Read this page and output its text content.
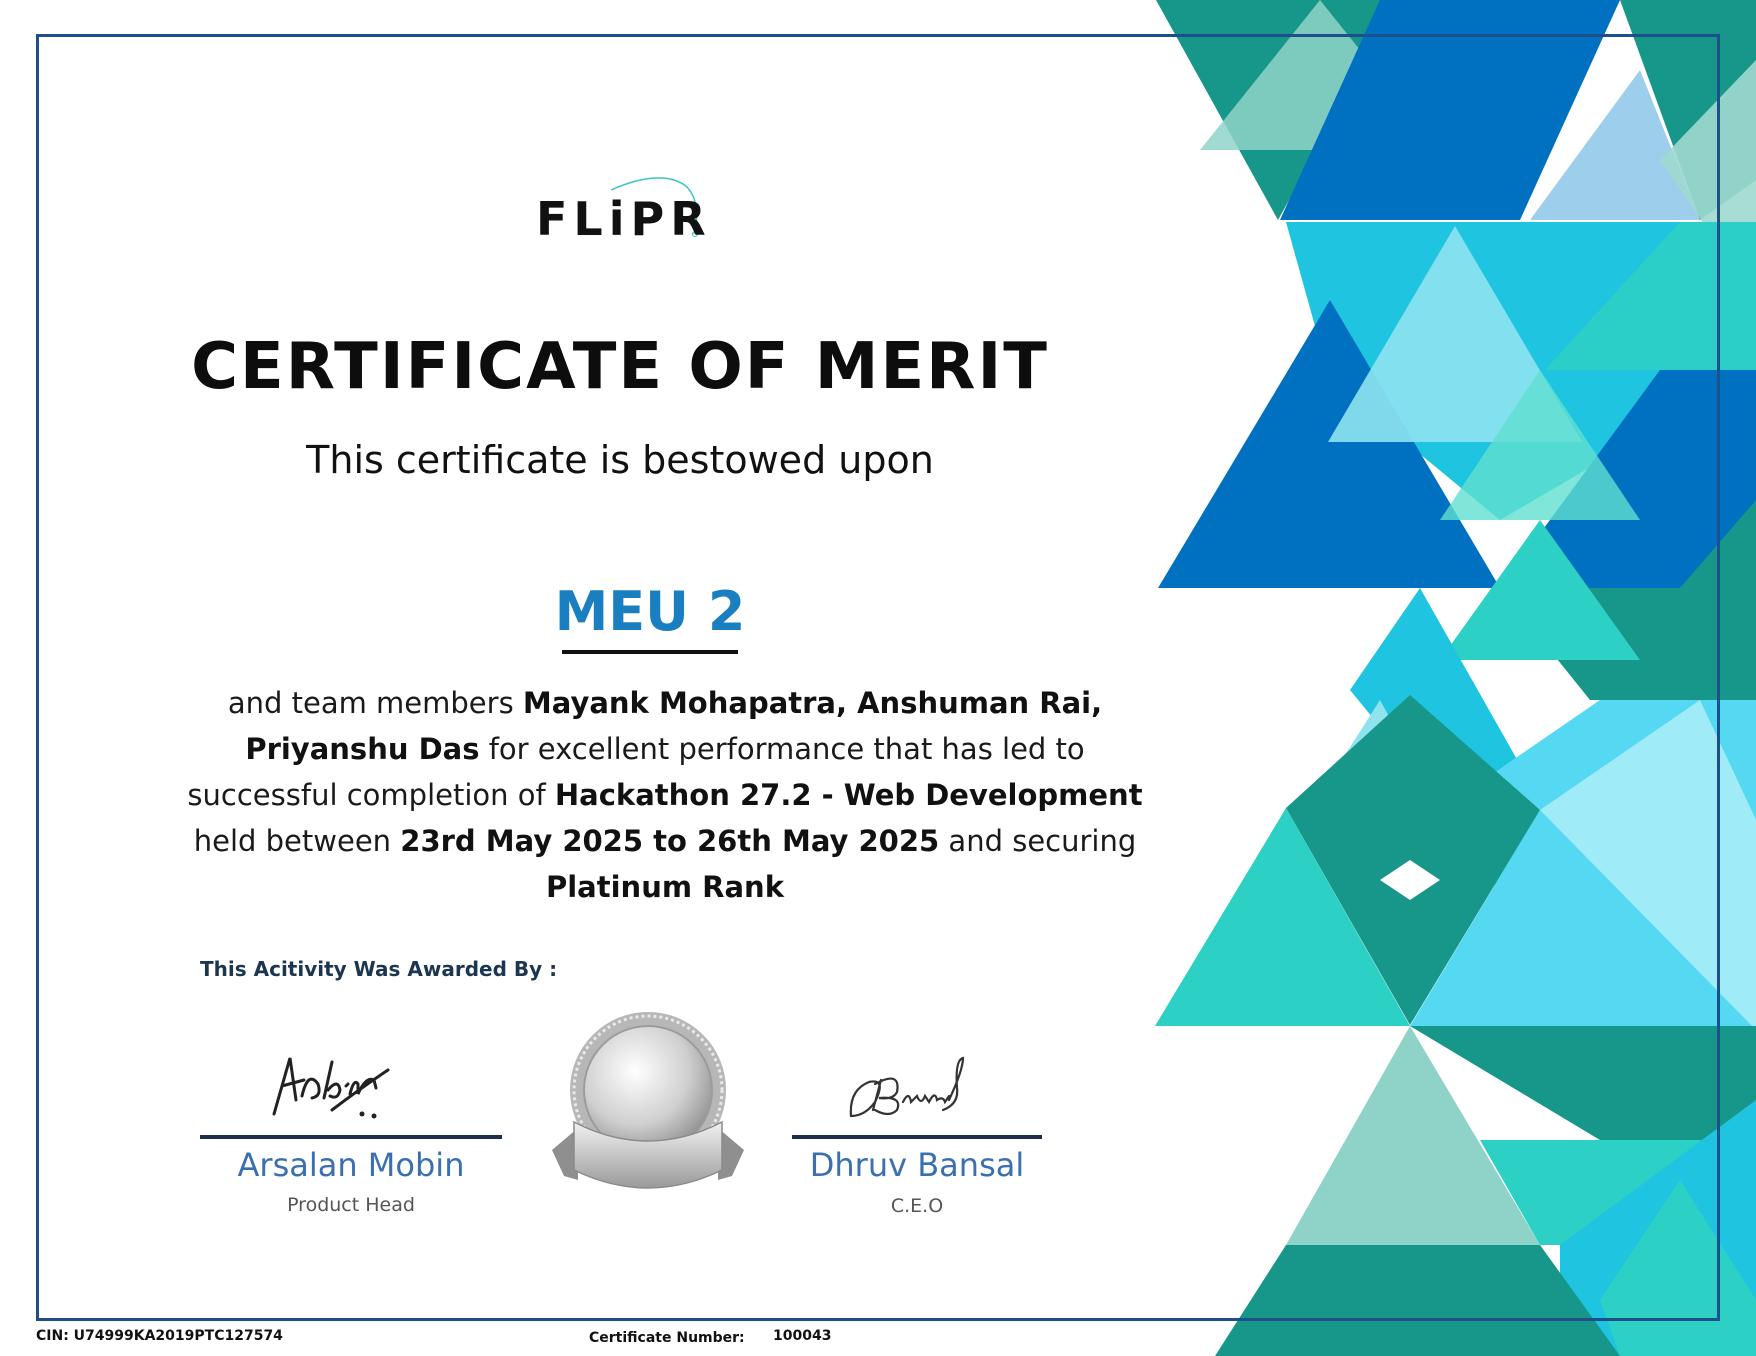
FLiPR
CERTIFICATE OF MERIT
This certificate is bestowed upon
MEU 2
and team members Mayank Mohapatra, Anshuman Rai, Priyanshu Das for excellent performance that has led to successful completion of Hackathon 27.2 - Web Development held between 23rd May 2025 to 26th May 2025 and securing
Platinum Rank
This Acitivity Was Awarded By :
Arsalan Mobin
Product Head
Dhruv Bansal
C.E.O
CIN: U74999KA2019PTC127574	Certificate Number: 100043
